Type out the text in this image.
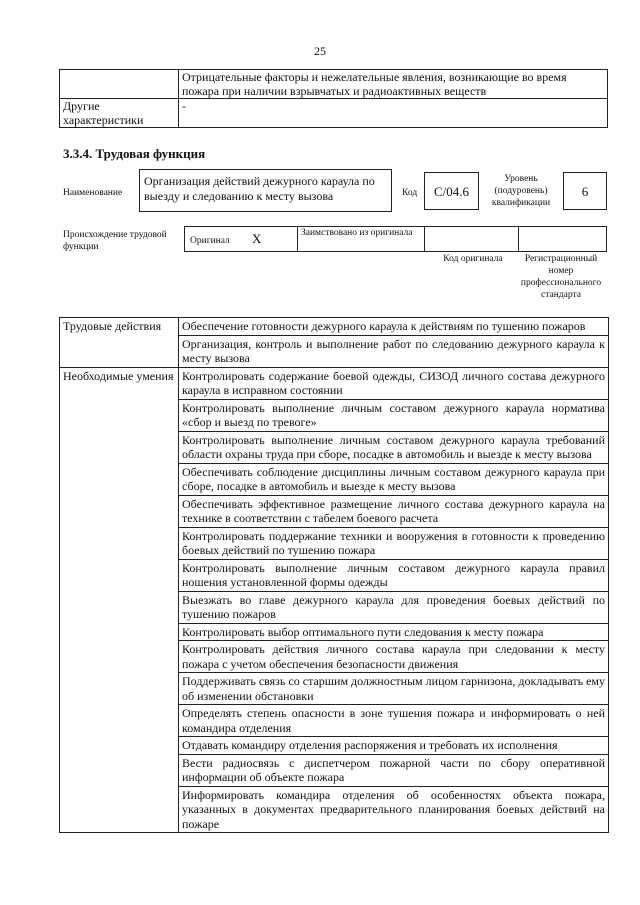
25
	Отрицательные факторы и нежелательные явления, возникающие во время пожара при наличии взрывчатых и радиоактивных веществ
Другие характеристики	-
3.3.4. Трудовая функция
Наименование
Организация действий дежурного караула по выезду и следованию к месту вызова	Код	C/04.6
Уровень (подуровень) квалификации
6
Происхождение трудовой функции
Оригинал X	Заимствовано из оригинала
Код оригинала	Регистрационный номер профессионального стандарта
Трудовые действия	Обеспечение готовности дежурного караула к действиям по тушению пожаров
	Организация, контроль и выполнение работ по следованию дежурного караула к месту вызова
Необходимые умения	Контролировать содержание боевой одежды, СИЗОД личного состава дежурного караула в исправном состоянии
	Контролировать выполнение личным составом дежурного караула норматива «сбор и выезд по тревоге»
	Контролировать выполнение личным составом дежурного караула требований области охраны труда при сборе, посадке в автомобиль и выезде к месту вызова
	Обеспечивать соблюдение дисциплины личным составом дежурного караула при сборе, посадке в автомобиль и выезде к месту вызова
	Обеспечивать эффективное размещение личного состава дежурного караула на технике в соответствии с табелем боевого расчета
	Контролировать поддержание техники и вооружения в готовности к проведению боевых действий по тушению пожара
	Контролировать выполнение личным составом дежурного караула правил ношения установленной формы одежды
	Выезжать во главе дежурного караула для проведения боевых действий по тушению пожаров
	Контролировать выбор оптимального пути следования к месту пожара
	Контролировать действия личного состава караула при следовании к месту пожара с учетом обеспечения безопасности движения
	Поддерживать связь со старшим должностным лицом гарнизона, докладывать ему об изменении обстановки
	Определять степень опасности в зоне тушения пожара и информировать о ней командира отделения
	Отдавать командиру отделения распоряжения и требовать их исполнения
	Вести радиосвязь с диспетчером пожарной части по сбору оперативной информации об объекте пожара
	Информировать командира отделения об особенностях объекта пожара, указанных в документах предварительного планирования боевых действий на пожаре
